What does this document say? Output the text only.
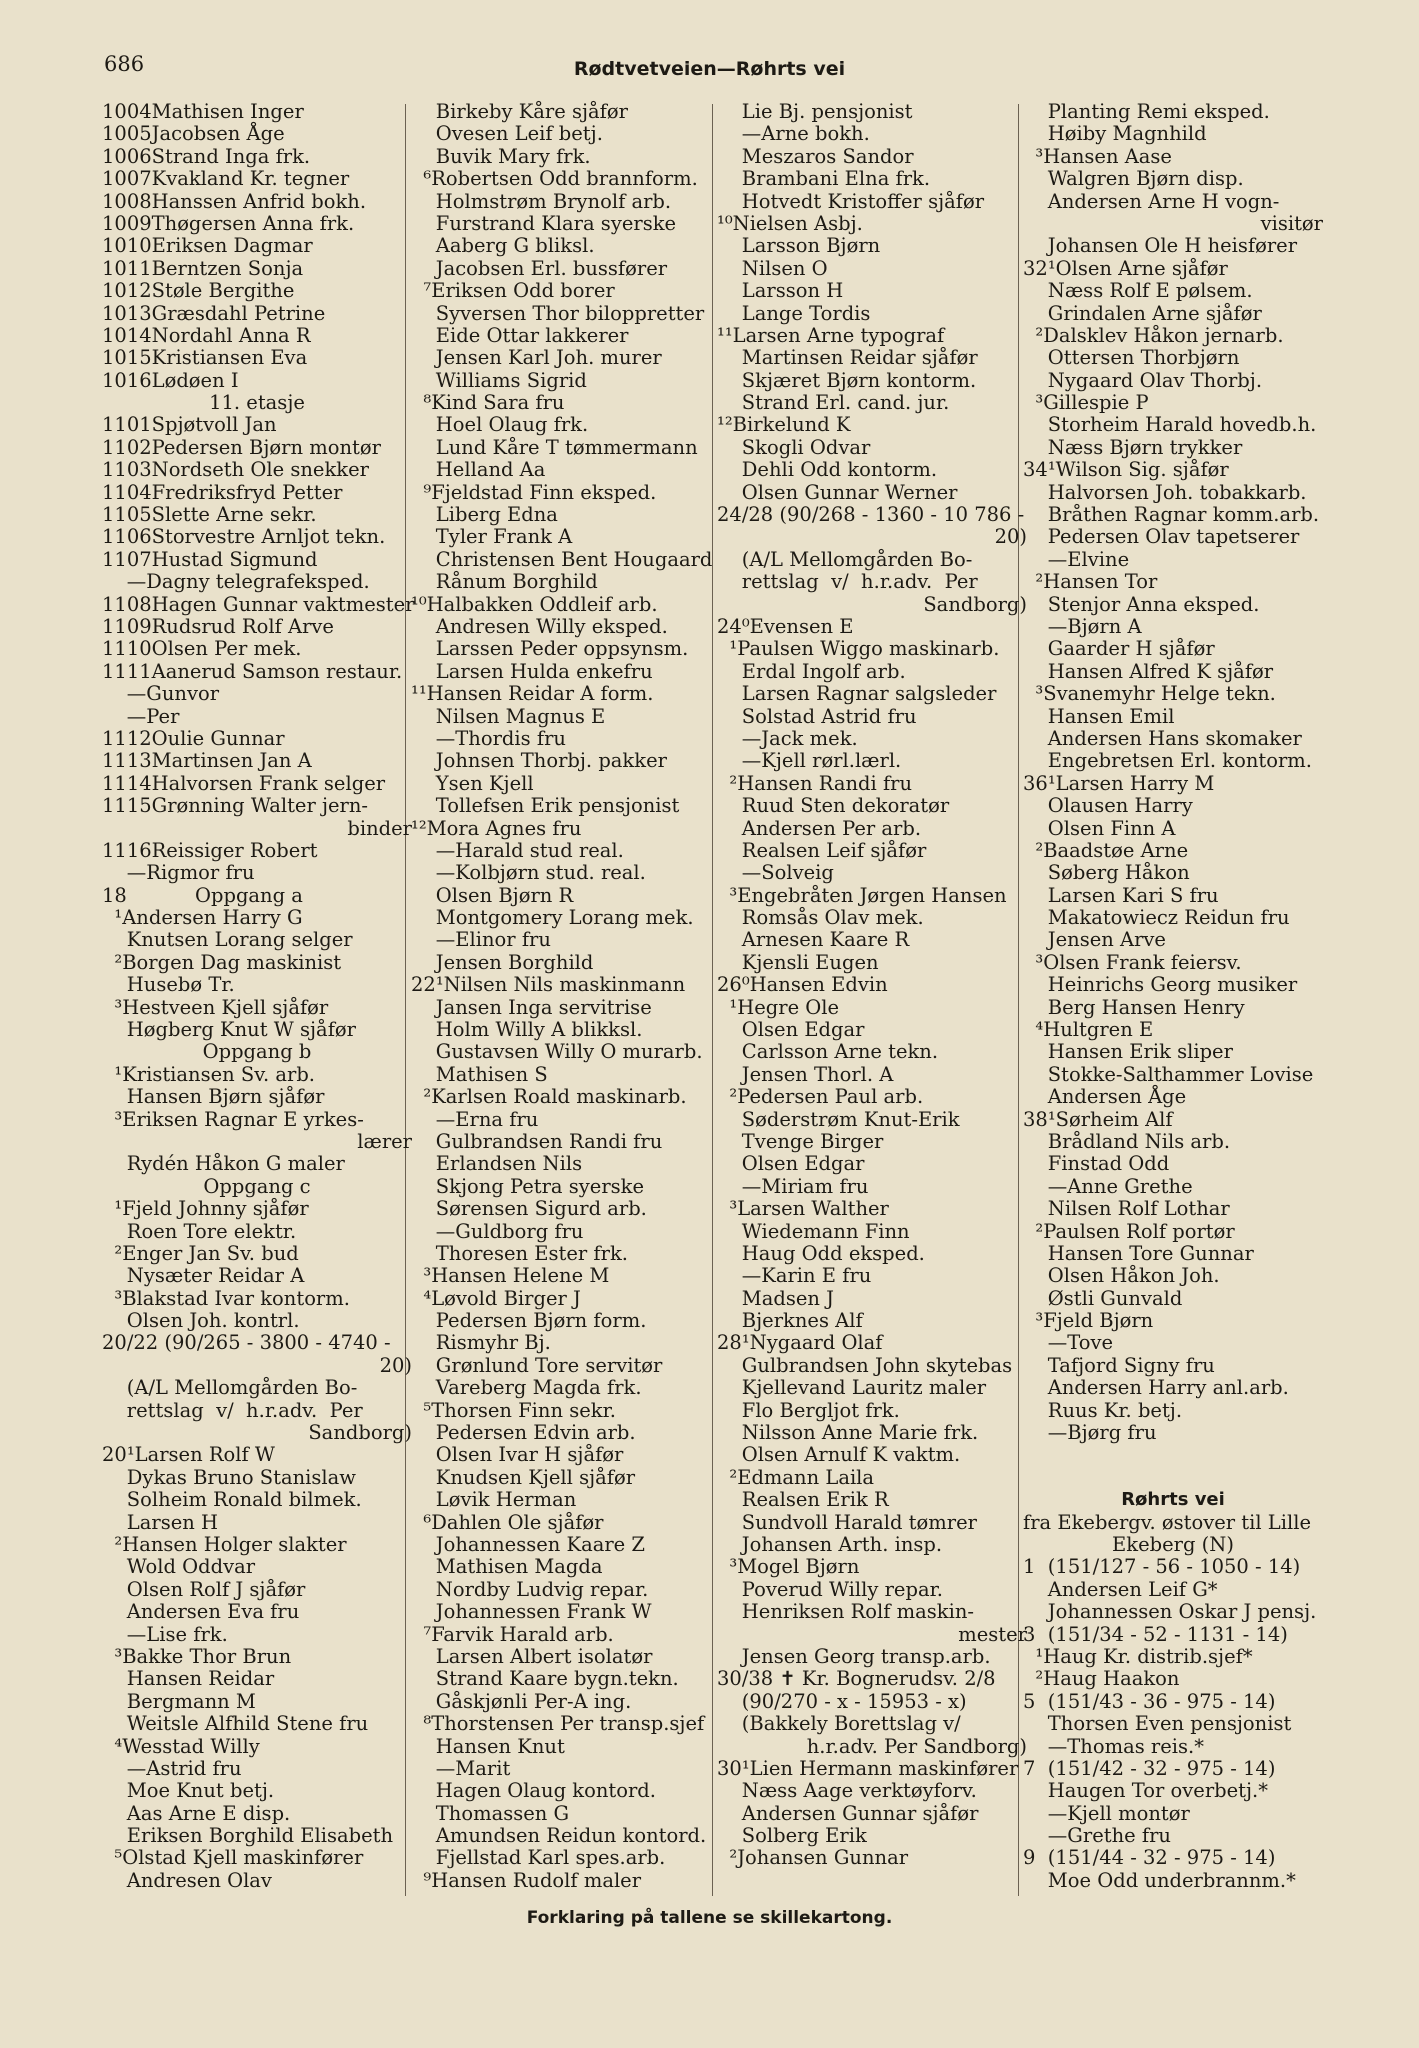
686	Rødtvetveien—Røhrts vei
1004Mathisen Inger
1005Jacobsen Åge
1006Strand Inga frk.
1007Kvakland Kr. tegner
1008Hanssen Anfrid bokh.
1009Thøgersen Anna frk.
1010Eriksen Dagmar
1011Berntzen Sonja
1012Støle Bergithe
1013Græsdahl Petrine
1014Nordahl Anna R
1015Kristiansen Eva
1016Lødøen I
11. etasje
1101Spjøtvoll Jan
1102Pedersen Bjørn montør
1103Nordseth Ole snekker
1104Fredriksfryd Petter
1105Slette Arne sekr.
1106Storvestre Arnljot tekn.
1107Hustad Sigmund
—Dagny telegrafeksped.
1108Hagen Gunnar vaktmester
1109Rudsrud Rolf Arve
1110Olsen Per mek.
1111Aanerud Samson restaur.
—Gunvor
—Per
1112Oulie Gunnar
1113Martinsen Jan A
1114Halvorsen Frank selger
1115Grønning Walter jern-
binder
1116Reissiger Robert
—Rigmor fru
18           Oppgang a
¹Andersen Harry G
Knutsen Lorang selger
²Borgen Dag maskinist
Husebø Tr.
³Hestveen Kjell sjåfør
Høgberg Knut W sjåfør
Oppgang b
¹Kristiansen Sv. arb.
Hansen Bjørn sjåfør
³Eriksen Ragnar E yrkes-
lærer
Rydén Håkon G maler
Oppgang c
¹Fjeld Johnny sjåfør
Roen Tore elektr.
²Enger Jan Sv. bud
Nysæter Reidar A
³Blakstad Ivar kontorm.
Olsen Joh. kontrl.
20/22 (90/265 - 3800 - 4740 -
20)
(A/L Mellomgården Bo-
rettslag  v/  h.r.adv.  Per
Sandborg)
20¹Larsen Rolf W
Dykas Bruno Stanislaw
Solheim Ronald bilmek.
Larsen H
²Hansen Holger slakter
Wold Oddvar
Olsen Rolf J sjåfør
Andersen Eva fru
—Lise frk.
³Bakke Thor Brun
Hansen Reidar
Bergmann M
Weitsle Alfhild Stene fru
⁴Wesstad Willy
—Astrid fru
Moe Knut betj.
Aas Arne E disp.
Eriksen Borghild Elisabeth
⁵Olstad Kjell maskinfører
Andresen Olav
Birkeby Kåre sjåfør
Ovesen Leif betj.
Buvik Mary frk.
⁶Robertsen Odd brannform.
Holmstrøm Brynolf arb.
Furstrand Klara syerske
Aaberg G bliksl.
Jacobsen Erl. bussfører
⁷Eriksen Odd borer
Syversen Thor biloppretter
Eide Ottar lakkerer
Jensen Karl Joh. murer
Williams Sigrid
⁸Kind Sara fru
Hoel Olaug frk.
Lund Kåre T tømmermann
Helland Aa
⁹Fjeldstad Finn eksped.
Liberg Edna
Tyler Frank A
Christensen Bent Hougaard
Rånum Borghild
¹⁰Halbakken Oddleif arb.
Andresen Willy eksped.
Larssen Peder oppsynsm.
Larsen Hulda enkefru
¹¹Hansen Reidar A form.
Nilsen Magnus E
—Thordis fru
Johnsen Thorbj. pakker
Ysen Kjell
Tollefsen Erik pensjonist
¹²Mora Agnes fru
—Harald stud real.
—Kolbjørn stud. real.
Olsen Bjørn R
Montgomery Lorang mek.
—Elinor fru
Jensen Borghild
22¹Nilsen Nils maskinmann
Jansen Inga servitrise
Holm Willy A blikksl.
Gustavsen Willy O murarb.
Mathisen S
²Karlsen Roald maskinarb.
—Erna fru
Gulbrandsen Randi fru
Erlandsen Nils
Skjong Petra syerske
Sørensen Sigurd arb.
—Guldborg fru
Thoresen Ester frk.
³Hansen Helene M
⁴Løvold Birger J
Pedersen Bjørn form.
Rismyhr Bj.
Grønlund Tore servitør
Vareberg Magda frk.
⁵Thorsen Finn sekr.
Pedersen Edvin arb.
Olsen Ivar H sjåfør
Knudsen Kjell sjåfør
Løvik Herman
⁶Dahlen Ole sjåfør
Johannessen Kaare Z
Mathisen Magda
Nordby Ludvig repar.
Johannessen Frank W
⁷Farvik Harald arb.
Larsen Albert isolatør
Strand Kaare bygn.tekn.
Gåskjønli Per-A ing.
⁸Thorstensen Per transp.sjef
Hansen Knut
—Marit
Hagen Olaug kontord.
Thomassen G
Amundsen Reidun kontord.
Fjellstad Karl spes.arb.
⁹Hansen Rudolf maler
Lie Bj. pensjonist
—Arne bokh.
Meszaros Sandor
Brambani Elna frk.
Hotvedt Kristoffer sjåfør
¹⁰Nielsen Asbj.
Larsson Bjørn
Nilsen O
Larsson H
Lange Tordis
¹¹Larsen Arne typograf
Martinsen Reidar sjåfør
Skjæret Bjørn kontorm.
Strand Erl. cand. jur.
¹²Birkelund K
Skogli Odvar
Dehli Odd kontorm.
Olsen Gunnar Werner
24/28 (90/268 - 1360 - 10 786 -
20)
(A/L Mellomgården Bo-
rettslag  v/  h.r.adv.  Per
Sandborg)
24⁰Evensen E
¹Paulsen Wiggo maskinarb.
Erdal Ingolf arb.
Larsen Ragnar salgsleder
Solstad Astrid fru
—Jack mek.
—Kjell rørl.lærl.
²Hansen Randi fru
Ruud Sten dekoratør
Andersen Per arb.
Realsen Leif sjåfør
—Solveig
³Engebråten Jørgen Hansen
Romsås Olav mek.
Arnesen Kaare R
Kjensli Eugen
26⁰Hansen Edvin
¹Hegre Ole
Olsen Edgar
Carlsson Arne tekn.
Jensen Thorl. A
²Pedersen Paul arb.
Søderstrøm Knut-Erik
Tvenge Birger
Olsen Edgar
—Miriam fru
³Larsen Walther
Wiedemann Finn
Haug Odd eksped.
—Karin E fru
Madsen J
Bjerknes Alf
28¹Nygaard Olaf
Gulbrandsen John skytebas
Kjellevand Lauritz maler
Flo Bergljot frk.
Nilsson Anne Marie frk.
Olsen Arnulf K vaktm.
²Edmann Laila
Realsen Erik R
Sundvoll Harald tømrer
Johansen Arth. insp.
³Mogel Bjørn
Poverud Willy repar.
Henriksen Rolf maskin-
mester
Jensen Georg transp.arb.
30/38 ✝ Kr. Bognerudsv. 2/8
(90/270 - x - 15953 - x)
(Bakkely Borettslag v/
h.r.adv. Per Sandborg)
30¹Lien Hermann maskinfører
Næss Aage verktøyforv.
Andersen Gunnar sjåfør
Solberg Erik
²Johansen Gunnar
Planting Remi eksped.
Høiby Magnhild
³Hansen Aase
Walgren Bjørn disp.
Andersen Arne H vogn-
visitør
Johansen Ole H heisfører
32¹Olsen Arne sjåfør
Næss Rolf E pølsem.
Grindalen Arne sjåfør
²Dalsklev Håkon jernarb.
Ottersen Thorbjørn
Nygaard Olav Thorbj.
³Gillespie P
Storheim Harald hovedb.h.
Næss Bjørn trykker
34¹Wilson Sig. sjåfør
Halvorsen Joh. tobakkarb.
Bråthen Ragnar komm.arb.
Pedersen Olav tapetserer
—Elvine
²Hansen Tor
Stenjor Anna eksped.
—Bjørn A
Gaarder H sjåfør
Hansen Alfred K sjåfør
³Svanemyhr Helge tekn.
Hansen Emil
Andersen Hans skomaker
Engebretsen Erl. kontorm.
36¹Larsen Harry M
Olausen Harry
Olsen Finn A
²Baadstøe Arne
Søberg Håkon
Larsen Kari S fru
Makatowiecz Reidun fru
Jensen Arve
³Olsen Frank feiersv.
Heinrichs Georg musiker
Berg Hansen Henry
⁴Hultgren E
Hansen Erik sliper
Stokke-Salthammer Lovise
Andersen Åge
38¹Sørheim Alf
Brådland Nils arb.
Finstad Odd
—Anne Grethe
Nilsen Rolf Lothar
²Paulsen Rolf portør
Hansen Tore Gunnar
Olsen Håkon Joh.
Østli Gunvald
³Fjeld Bjørn
—Tove
Tafjord Signy fru
Andersen Harry anl.arb.
Ruus Kr. betj.
—Bjørg fru
Røhrts vei
fra Ekebergv. østover til Lille
Ekeberg (N)
1  (151/127 - 56 - 1050 - 14)
Andersen Leif G*
Johannessen Oskar J pensj.
3  (151/34 - 52 - 1131 - 14)
¹Haug Kr. distrib.sjef*
²Haug Haakon
5  (151/43 - 36 - 975 - 14)
Thorsen Even pensjonist
—Thomas reis.*
7  (151/42 - 32 - 975 - 14)
Haugen Tor overbetj.*
—Kjell montør
—Grethe fru
9  (151/44 - 32 - 975 - 14)
Moe Odd underbrannm.*
Forklaring på tallene se skillekartong.
